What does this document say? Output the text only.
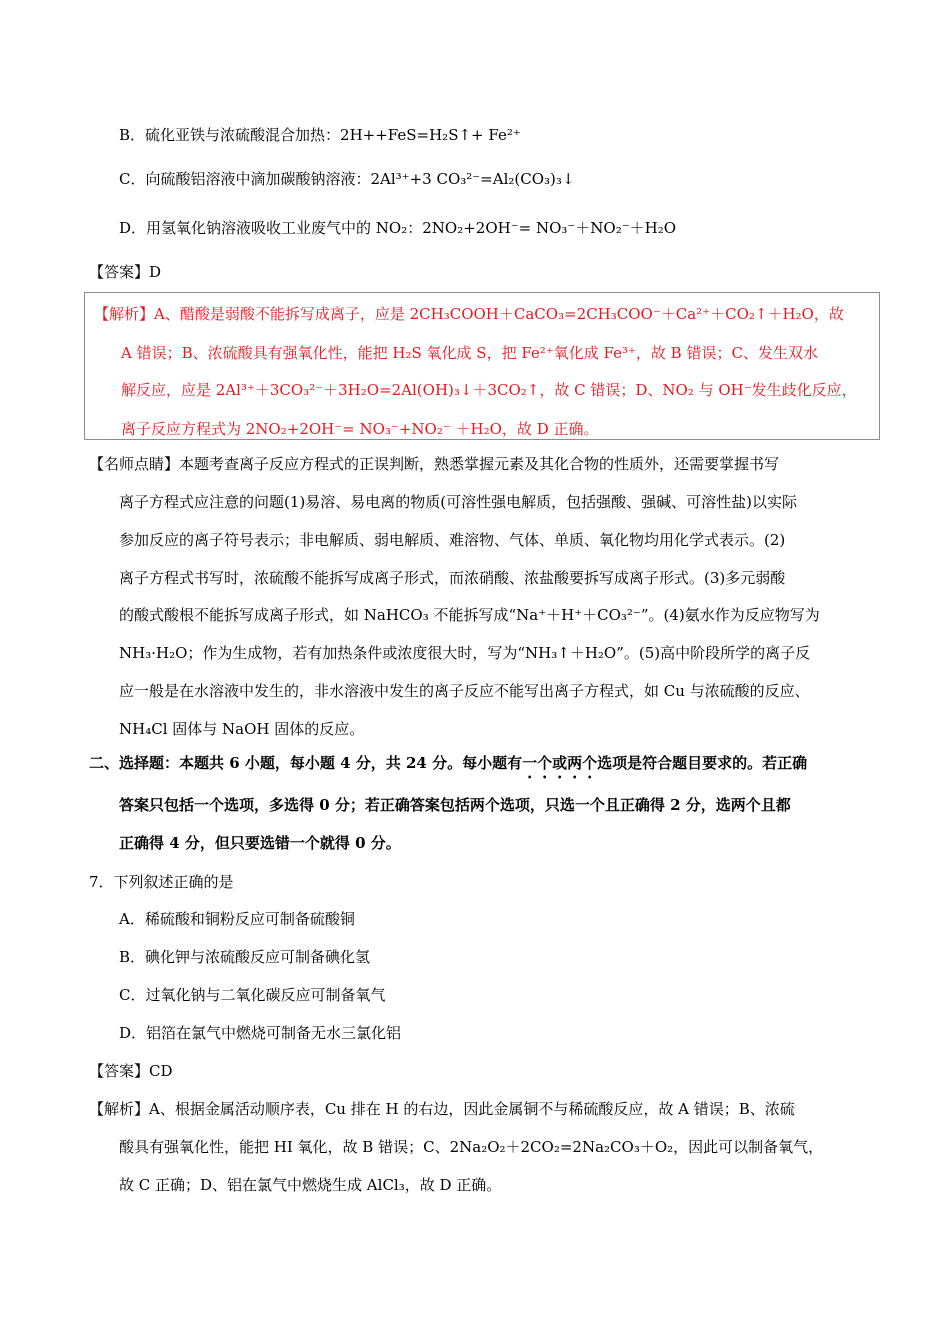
B．硫化亚铁与浓硫酸混合加热：2H++FeS=H₂S↑+ Fe²⁺
C．向硫酸铝溶液中滴加碳酸钠溶液：2Al³⁺+3 CO₃²⁻=Al₂(CO₃)₃↓
D．用氢氧化钠溶液吸收工业废气中的 NO₂：2NO₂+2OH⁻= NO₃⁻＋NO₂⁻＋H₂O
【答案】D
【解析】A、醋酸是弱酸不能拆写成离子，应是 2CH₃COOH＋CaCO₃=2CH₃COO⁻＋Ca²⁺＋CO₂↑＋H₂O，故
A 错误；B、浓硫酸具有强氧化性，能把 H₂S 氧化成 S，把 Fe²⁺氧化成 Fe³⁺，故 B 错误；C、发生双水
解反应，应是 2Al³⁺＋3CO₃²⁻＋3H₂O=2Al(OH)₃↓＋3CO₂↑，故 C 错误；D、NO₂ 与 OH⁻发生歧化反应，
离子反应方程式为 2NO₂+2OH⁻= NO₃⁻+NO₂⁻ ＋H₂O，故 D 正确。
【名师点睛】本题考查离子反应方程式的正误判断，熟悉掌握元素及其化合物的性质外，还需要掌握书写
离子方程式应注意的问题(1)易溶、易电离的物质(可溶性强电解质，包括强酸、强碱、可溶性盐)以实际
参加反应的离子符号表示；非电解质、弱电解质、难溶物、气体、单质、氧化物均用化学式表示。(2)
离子方程式书写时，浓硫酸不能拆写成离子形式，而浓硝酸、浓盐酸要拆写成离子形式。(3)多元弱酸
的酸式酸根不能拆写成离子形式，如 NaHCO₃ 不能拆写成“Na⁺＋H⁺＋CO₃²⁻”。(4)氨水作为反应物写为
NH₃·H₂O；作为生成物，若有加热条件或浓度很大时，写为“NH₃↑＋H₂O”。(5)高中阶段所学的离子反
应一般是在水溶液中发生的，非水溶液中发生的离子反应不能写出离子方程式，如 Cu 与浓硫酸的反应、
NH₄Cl 固体与 NaOH 固体的反应。
二、选择题：本题共 6 小题，每小题 4 分，共 24 分。每小题有一个或两个选项是符合题目要求的。若正确
答案只包括一个选项，多选得 0 分；若正确答案包括两个选项，只选一个且正确得 2 分，选两个且都
正确得 4 分，但只要选错一个就得 0 分。
7．下列叙述正确的是
A．稀硫酸和铜粉反应可制备硫酸铜
B．碘化钾与浓硫酸反应可制备碘化氢
C．过氧化钠与二氧化碳反应可制备氧气
D．铝箔在氯气中燃烧可制备无水三氯化铝
【答案】CD
【解析】A、根据金属活动顺序表，Cu 排在 H 的右边，因此金属铜不与稀硫酸反应，故 A 错误；B、浓硫
酸具有强氧化性，能把 HI 氧化，故 B 错误；C、2Na₂O₂＋2CO₂=2Na₂CO₃＋O₂，因此可以制备氧气，
故 C 正确；D、铝在氯气中燃烧生成 AlCl₃，故 D 正确。
